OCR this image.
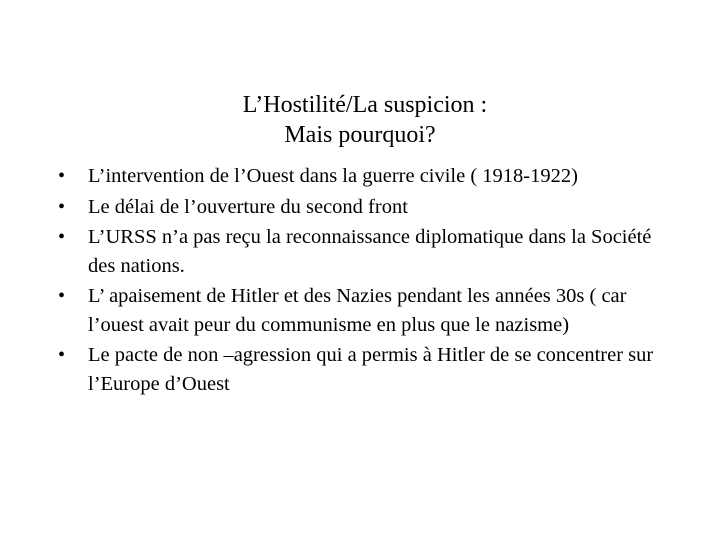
L’Hostilité/La suspicion :
Mais pourquoi?
• L’intervention de l’Ouest dans la guerre civile ( 1918-1922)
• Le délai de l’ouverture du second front
• L’URSS n’a pas reçu la reconnaissance diplomatique dans la Société des nations.
• L’ apaisement de Hitler et des Nazies pendant les années 30s ( car l’ouest avait peur du communisme en plus que le nazisme)
• Le pacte de non –agression qui a permis à Hitler de se concentrer sur l’Europe d’Ouest
